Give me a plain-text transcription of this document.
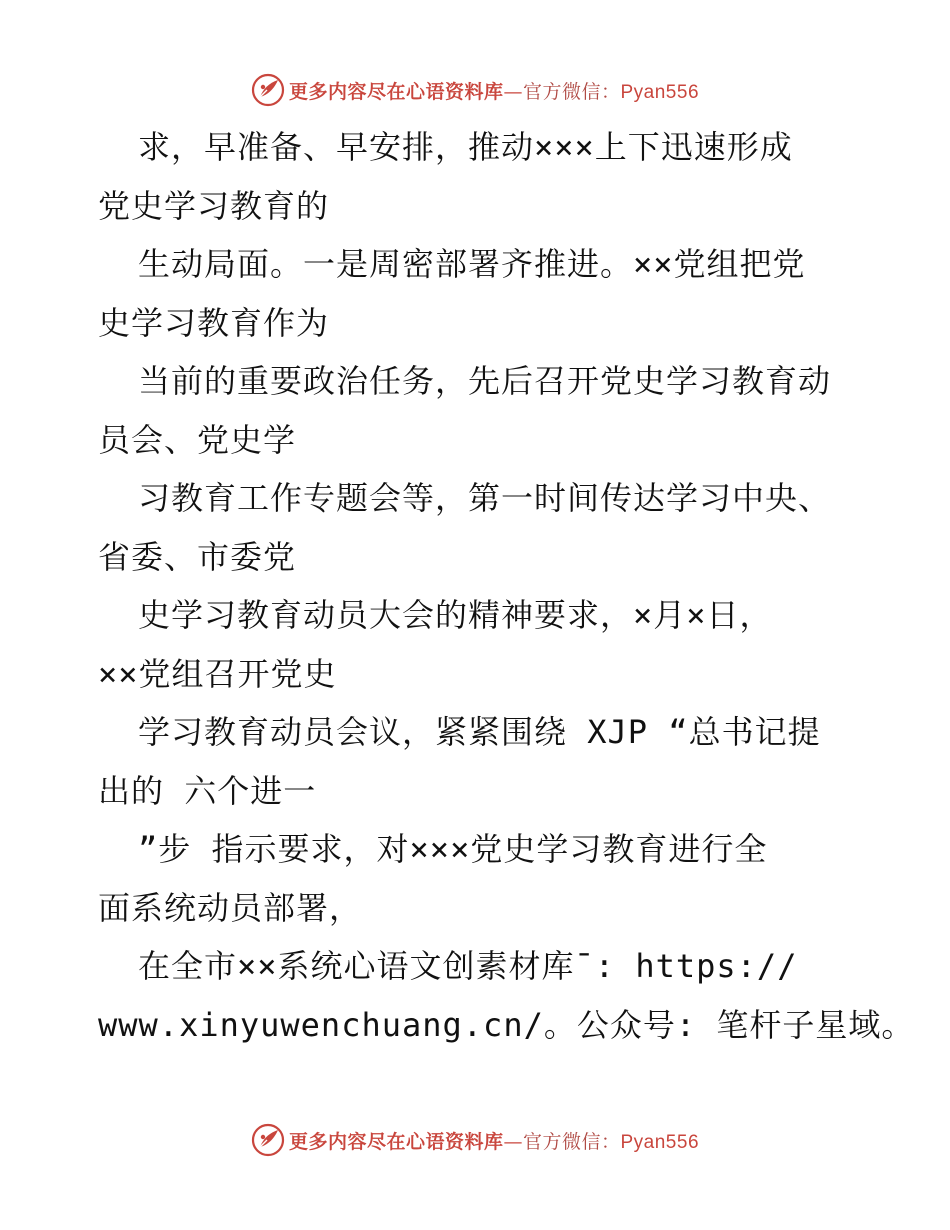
更多内容尽在心语资料库—官方微信：Pyan556
求，早准备、早安排，推动×××上下迅速形成
党史学习教育的
生动局面。一是周密部署齐推进。××党组把党
史学习教育作为
当前的重要政治任务，先后召开党史学习教育动
员会、党史学
习教育工作专题会等，第一时间传达学习中央、
省委、市委党
史学习教育动员大会的精神要求，×月×日，
××党组召开党史
学习教育动员会议，紧紧围绕 XJP “总书记提
出的 六个进一
”步 指示要求，对×××党史学习教育进行全
面系统动员部署，
在全市××系统心语文创素材库¯: https://
www.xinyuwenchuang.cn/。公众号: 笔杆子星域。
更多内容尽在心语资料库—官方微信：Pyan556
